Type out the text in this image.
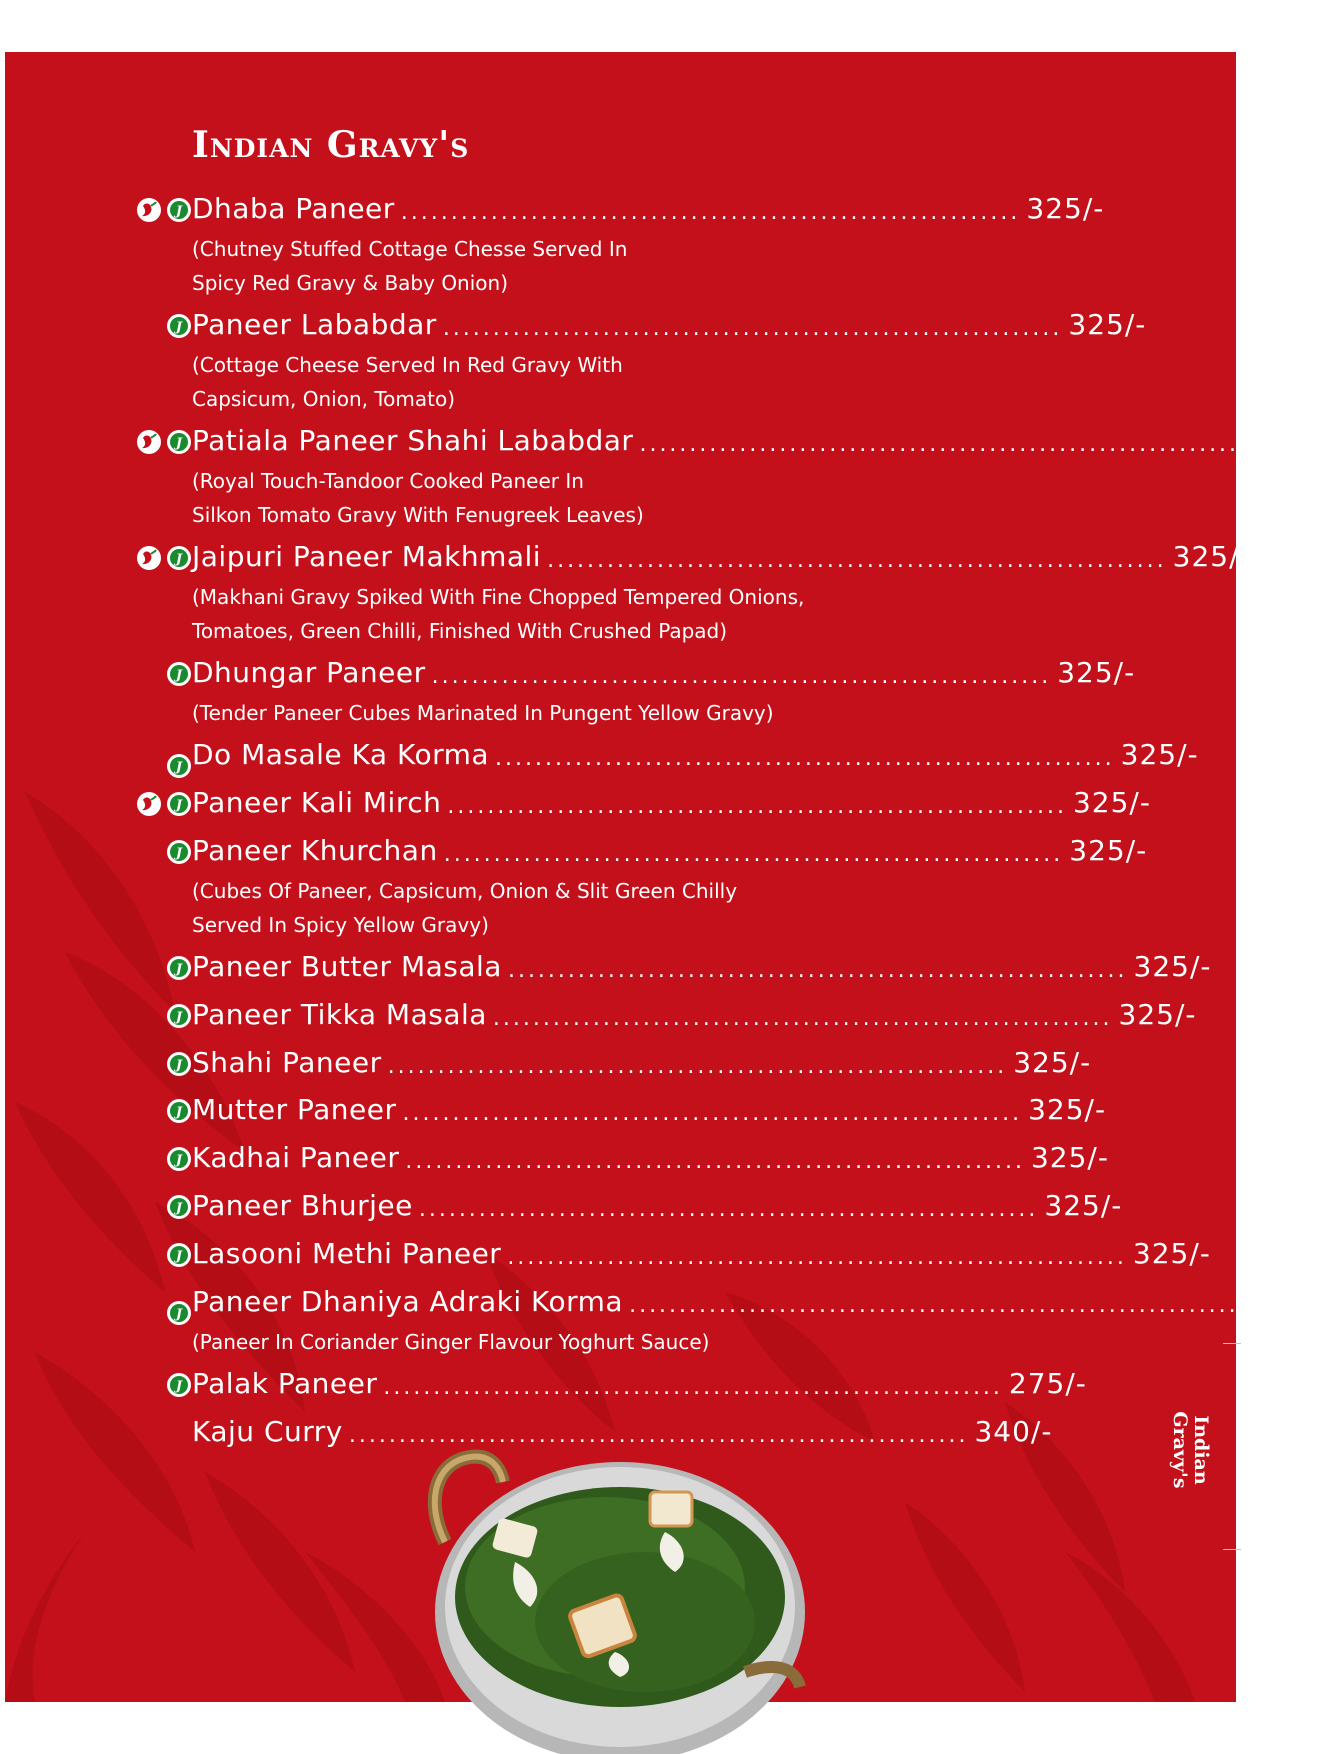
Indian Gravy's
J Dhaba Paneer .............................................................. 325/-
(Chutney Stuffed Cottage Chesse Served In
Spicy Red Gravy & Baby Onion)
J Paneer Lababdar .............................................................. 325/-
(Cottage Cheese Served In Red Gravy With
Capsicum, Onion, Tomato)
J Patiala Paneer Shahi Lababdar .............................................................. 325/-
(Royal Touch-Tandoor Cooked Paneer In
Silkon Tomato Gravy With Fenugreek Leaves)
J Jaipuri Paneer Makhmali .............................................................. 325/-
(Makhani Gravy Spiked With Fine Chopped Tempered Onions,
Tomatoes, Green Chilli, Finished With Crushed Papad)
J Dhungar Paneer .............................................................. 325/-
(Tender Paneer Cubes Marinated In Pungent Yellow Gravy)
J Do Masale Ka Korma .............................................................. 325/-
J Paneer Kali Mirch .............................................................. 325/-
J Paneer Khurchan .............................................................. 325/-
(Cubes Of Paneer, Capsicum, Onion & Slit Green Chilly
Served In Spicy Yellow Gravy)
J Paneer Butter Masala .............................................................. 325/-
J Paneer Tikka Masala .............................................................. 325/-
J Shahi Paneer .............................................................. 325/-
J Mutter Paneer .............................................................. 325/-
J Kadhai Paneer .............................................................. 325/-
J Paneer Bhurjee .............................................................. 325/-
J Lasooni Methi Paneer .............................................................. 325/-
J Paneer Dhaniya Adraki Korma .............................................................. 325/-
(Paneer In Coriander Ginger Flavour Yoghurt Sauce)
J Palak Paneer .............................................................. 275/-
Kaju Curry .............................................................. 340/-	Indian
Gravy's
